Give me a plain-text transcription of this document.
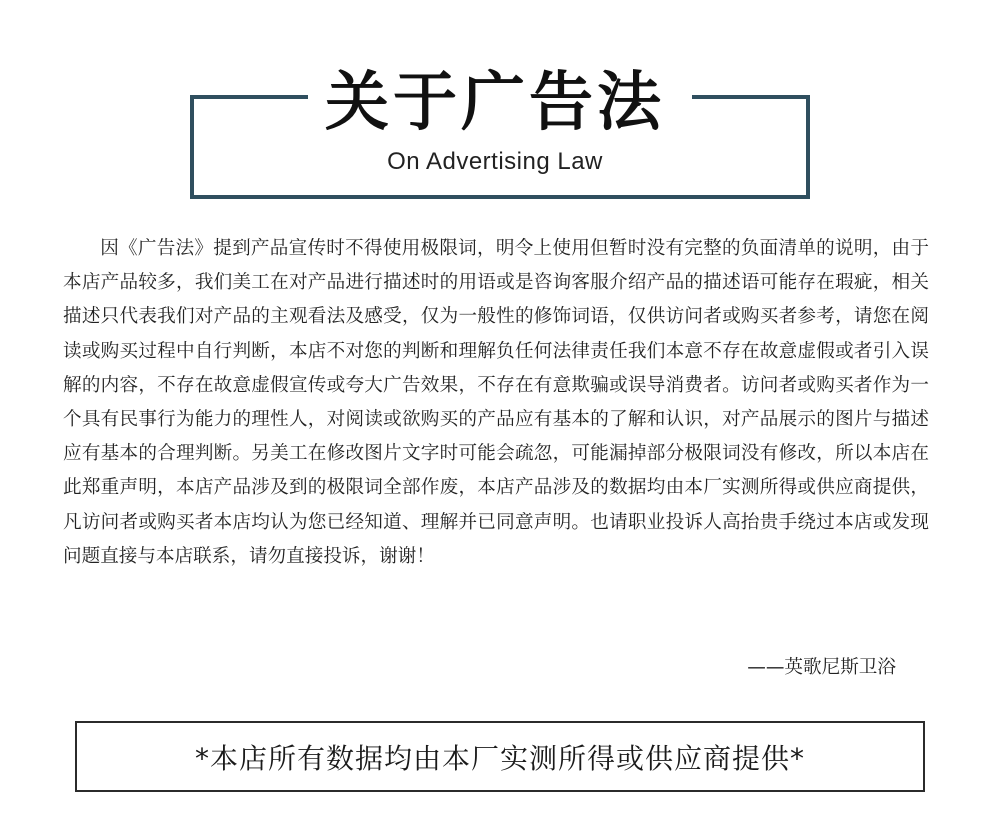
关于广告法
On Advertising Law

因《广告法》提到产品宣传时不得使用极限词，明令上使用但暂时没有完整的负面清单的说明，由于本店产品较多，我们美工在对产品进行描述时的用语或是咨询客服介绍产品的描述语可能存在瑕疵，相关描述只代表我们对产品的主观看法及感受，仅为一般性的修饰词语，仅供访问者或购买者参考，请您在阅读或购买过程中自行判断，本店不对您的判断和理解负任何法律责任我们本意不存在故意虚假或者引入误解的内容，不存在故意虚假宣传或夸大广告效果，不存在有意欺骗或误导消费者。访问者或购买者作为一个具有民事行为能力的理性人，对阅读或欲购买的产品应有基本的了解和认识，对产品展示的图片与描述应有基本的合理判断。另美工在修改图片文字时可能会疏忽，可能漏掉部分极限词没有修改，所以本店在此郑重声明，本店产品涉及到的极限词全部作废，本店产品涉及的数据均由本厂实测所得或供应商提供，凡访问者或购买者本店均认为您已经知道、理解并已同意声明。也请职业投诉人高抬贵手绕过本店或发现问题直接与本店联系，请勿直接投诉，谢谢！

——英歌尼斯卫浴
*本店所有数据均由本厂实测所得或供应商提供*
